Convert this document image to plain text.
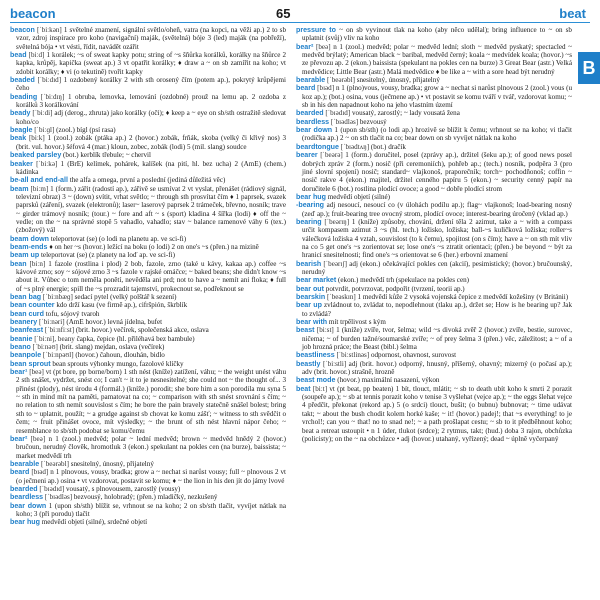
beacon	65	beat
B

beacon [ˈbiːkən] 1 světelné znamení, signální světlo/oheň, vatra (na kopci, na věži ap.) 2 to sb vzor, zdroj inspirace pro koho (navigační) maják, (světelná) bóje 3 (led) maják (na pobřeží), světelná bója • vt vésti, řídit, navádět ozářit

bead [biːd] 1 korálek; ~s of sweat kapky potu; string of ~s šňůrka korálků, korálky na šňůrce 2 kapka, krůpěj, kapička (sweat ap.) 3 vt opatřit korálky; ♦ draw a ~ on sb zamířit na koho; vt zdobit korálky; ♦ vi (o tekutině) tvořit kapky

beaded [ˈbiːdɪd] 1 ozdobený korálky 2 with sth orosený čím (potem ap.), pokrytý krůpějemi čeho

beading [ˈbiːdɪŋ] 1 obruba, lemovka, lemování (ozdobné) prouž na lemu ap. 2 ozdoba z korálků 3 korálkování

beady [ˈbiːdi] adj (derog., zhruta) jako korálky (oči); ♦ keep a ~ eye on sb/sth ostražitě sledovat koho/co

beagle [ˈbiːɡl] (zool.) bígl (psí rasa)

beak [biːk] 1 (zool.) zobák (ptáka ap.) 2 (hovor.) zobák, frňák, skoba (velký či křivý nos) 3 (brit. vul. hovor.) šéfová 4 (mar.) kloun, zobec, zobák (lodi) 5 (mil. slang) soudce

beaked parsley (bot.) kerblík třebule; ~ chervil

beaker [ˈbiːkə] 1 (BrE) kelímek, pohárek, kalíšek (na pití, hl. bez ucha) 2 (AmE) (chem.) kádinka

be-all and end-all the alfa a omega, první a poslední (jediná důležitá věc)

beam [biːm] 1 (form.) zářit (radostí ap.), zářivě se usmívat 2 vt vyslat, přenášet (rádiový signál, televizní obraz) 3 ~ (down) svítit, vrhat světlo; ~ through sth prosvítat čím ♦ 1 paprsek, svazek paprsků (záření), svazek (elektronů); laser~ laserový paprsek 2 trámeček, břevno, nosník; trave ~ girder trámový nosník; (tour.) ~ fore and aft ~ s (sport) kladina 4 šířka (lodi) ♦ off the ~ vedle; on the ~ na správné stopě 5 vahadlo, vahadlo; stav ~ balance ramenové váhy 6 (tex.) (zbožový) vál

beam down teleportovat (se) (o lodi na planetu ap. ve sci-fi)

beam-ends ♦ on her ~s (hovor.) ležící na boku (o lodi) 2 on one's ~s (přen.) na mizině

beam up teleportovat (se) (z planety na loď ap. ve sci-fi)

bean [biːn] 1 fazole (rostlina i plod) 2 bob, fazole, zrno (také u kávy, kakaa ap.) coffee ~s kávové zrno; soy ~ sójové zrno 3 ~s fazole v rajské omáčce; ~ baked beans; she didn't know ~s about it. Vůbec o tom neměla ponětí, nevěděla ani prd; not to have a ~ nemít ani floka; ♦ full of ~s plný energie; spill the ~s prozradit tajemství, prokecnout se, podřeknout se

bean bag [ˈbiːnbæɡ] sedací pytel (velký polštář k sezení)

bean counter kdo drží kasu (ve firmě ap.), cifršpión, škrblík

bean curd tofu, sójový tvaroh

beanery [ˈbiːnəri] (AmE hovor.) levná jídelna, bufet

beanfeast [ˈbiːnfiːst] (brit. hovor.) večírek, společenská akce, oslava

beanie [ˈbiːni], beany čapka, čepice (hl. přiléhavá bez bambule)

beano [ˈbiːnəʊ] (brit. slang) mejdan, oslava (večírek)

beanpole [ˈbiːnpəʊl] (hovor.) čahoun, dlouhán, bidlo

bean sprout bean sprouts výhonky mungo, fazolové klíčky

bear¹ [beə] vt (pt bore, pp borne/born) 1 sth nést (kníže) zatížení, váhu; ~ the weight unést váhu 2 sth snášet, vydržet, snést co; I can't ~ it to je nesnesitelné; she could not ~ the thought of... 3 přinést (plody), nést úrodu 4 (formál.) (kníže.) porodit; she bore him a son porodila mu syna 5 ~ sth in mind mít na paměti, pamatovat na co; ~ comparison with sth snést srovnání s čím; ~ no relation to sth nemít souvislost s čím; he bore the pain bravely statečně snášel bolest; bring sth to ~ uplatnit, použít; ~ a grudge against sb chovat ke komu zášť; ~ witness to sth svědčit o čem; ~ fruit přinášet ovoce, mít výsledky; ~ the brunt of sth nést hlavní nápor čeho; ~ resemblance to sb/sth podobat se komu/čemu

bear² [beə] n 1 (zool.) medvěd; polar ~ lední medvěd; brown ~ medvěd hnědý 2 (hovor.) bručoun, nerudný člověk, hromotluk 3 (ekon.) spekulant na pokles cen (na burze), baissista; ~ market medvědí trh

bearable [ˈbeərəbl] snesitelný, únosný, přijatelný

beard [bɪəd] n 1 plnovous, vousy, bradka; grow a ~ nechat si narůst vousy; full ~ plnovous 2 vt (o ječmeni ap.) osina • vt vzdorovat, postavit se komu; ♦ ~ the lion in his den jít do jámy lvové

bearded [ˈbɪədɪd] vousatý, s plnovousem, zarostlý (vousy)

beardless [ˈbɪədləs] bezvousý, holobradý; (přen.) mladičký, nezkušený

bear down 1 (upon sb/sth) blížit se, vrhnout se na koho; 2 on sb/sth tlačit, vyvíjet nátlak na koho; 3 (při porodu) tlačit

bear hug medvědí objetí (silné), srdečné objetí

pressure to ~ on sb vyvinout tlak na koho (aby něco udělal); bring influence to ~ on sb uplatnit (svůj) vliv na koho

bear² [beə] n 1 (zool.) medvěd; polar ~ medvěd lední; sloth ~ medvěd pyskatý; spectacled ~ medvěd brýlatý; American black ~ baribal, medvěd černý; koala ~ medvídek koala; (hovor.) ~s ze převozu ap. 2 (ekon.) baissista (spekulant na pokles cen na burze) 3 Great Bear (astr.) Velká medvědice; Little Bear (astr.) Malá medvědice ♦ be like a ~ with a sore head být nerudný

bearable [ˈbeərəbl] snesitelný, únosný, přijatelný

beard [bɪəd] n 1 (plno)vous, vousy, bradka; grow a ~ nechat si narůst plnovous 2 (zool.) vous (u koz ap.); (bot.) osina, vous (ječmene ap.) • vt postavit se komu tváří v tvář, vzdorovat komu; ~ sb in his den napadnout koho na jeho vlastním území

bearded [ˈbɪədɪd] vousatý, zarostlý; ~ lady vousatá žena

beardless [ˈbɪədləs] bezvousý

bear down 1 (upon sb/sth) (o lodi ap.) hrozivě se blížit k čemu; vrhnout se na koho; vi tlačit (rodička ap.) 2 ~ on sth tlačit na co; bear down on sb vyvíjet nátlak na koho

beardtongue [ˈbɪədtʌŋ] (bot.) dračík

bearer [ˈbeərə] 1 (form.) doručitel, posel (zprávy ap.), držitel (šeku ap.); of good news posel dobrých zpráv 2 (form.) nosič (při ceremoniích), pohřeb ap.; (tech.) nosník, podpěra 3 (pro jiné slovní spojení) nosič; standard~ vlajkonoš, praporečník; torch~ pochodňonoš; coffin ~ nosič rakve 4 (ekon.) majitel, držitel cenného papíru 5 (ekon.) ~ security cenný papír na doručitele 6 (bot.) rostlina plodící ovoce; a good ~ dobře plodící strom

bear hug medvědí objetí (silné)

-bearing adj nesoucí, nesoucí co (v úlohách podílu ap.); flag~ vlajkonoš; load-bearing nosný (zeď ap.); fruit-bearing tree ovocný strom, plodící ovoce; interest-bearing úročený (vklad ap.)

bearing [ˈbeərɪŋ] 1 (kníže) způsoby, chování, držení těla 2 azimut, take a ~ with a compass určit kompasem azimut 3 ~s (hl. tech.) ložisko, ložiska; ball-~s kuličková ložiska; roller~s válečková ložiska 4 vztah, souvislost (to k čemu), spojitost (on s čím); have a ~ on sth mít vliv na co 5 get one's ~s zorientovat se; lose one's ~s ztratit orientaci; (přen.) be beyond ~ být za hranicí snesitelnosti; find one's ~s orientovat se 6 (her.) erbovní znamení

bearish [ˈbeərɪʃ] adj (ekon.) očekávající pokles cen (akcií), pesimistický; (hovor.) bručounský, nerudný

bear market (ekon.) medvědí trh (spekulace na pokles cen)

bear out potvrdit, potvrzovat, podpořit (tvrzení, teorii ap.)

bearskin [ˈbeəskɪn] 1 medvědí kůže 2 vysoká vojenská čepice z medvědí kožešiny (v Británii)

bear up zvládnout to, zvládat to, nepodlehnout (tlaku ap.), držet se; How is he bearing up? Jak to zvládá?

bear with mít trpělivost s kým

beast [biːst] 1 (kníže) zvíře, tvor, šelma; wild ~s divoká zvěř 2 (hovor.) zvíře, bestie, surovec, ničema; ~ of burden tažné/soumarské zvíře; ~ of prey šelma 3 (přen.) věc, záležitost; a ~ of a job hrozná práce; the Beast (bibl.) šelma

beastliness [ˈbiːstlinəs] odpornost, ohavnost, surovost

beastly [ˈbiːstli] adj (brit. hovor.) odporný, hnusný, příšerný, ohavný; mizerný (o počasí ap.); adv (brit. hovor.) strašně, hrozně

beast mode (hovor.) maximální nasazení, výkon

beat [biːt] vt (pt beat, pp beaten) 1 bít, tlouct, mlátit; ~ sb to death ubít koho k smrti 2 porazit (soupeře ap.); ~ sb at tennis porazit koho v tenise 3 vyšlehat (vejce ap.); ~ the eggs šlehat vejce 4 předčit, překonat (rekord ap.) 5 (o srdci) tlouct, bušit; (o bubnu) bubnovat; ~ time udávat takt; ~ about the bush chodit kolem horké kaše; ~ it! (hovor.) padej!; that ~s everything! to je vrchol!; can you ~ that! no to snad ne!; ~ a path prošlapat cestu; ~ sb to it předběhnout koho; beat a retreat ustoupit • n 1 úder, tlukot (srdce); 2 rytmus, takt; (hud.) doba 3 rajon, obchůzka (policisty); on the ~ na obchůzce • adj (hovor.) utahaný, vyřízený; dead ~ úplně vyčerpaný
